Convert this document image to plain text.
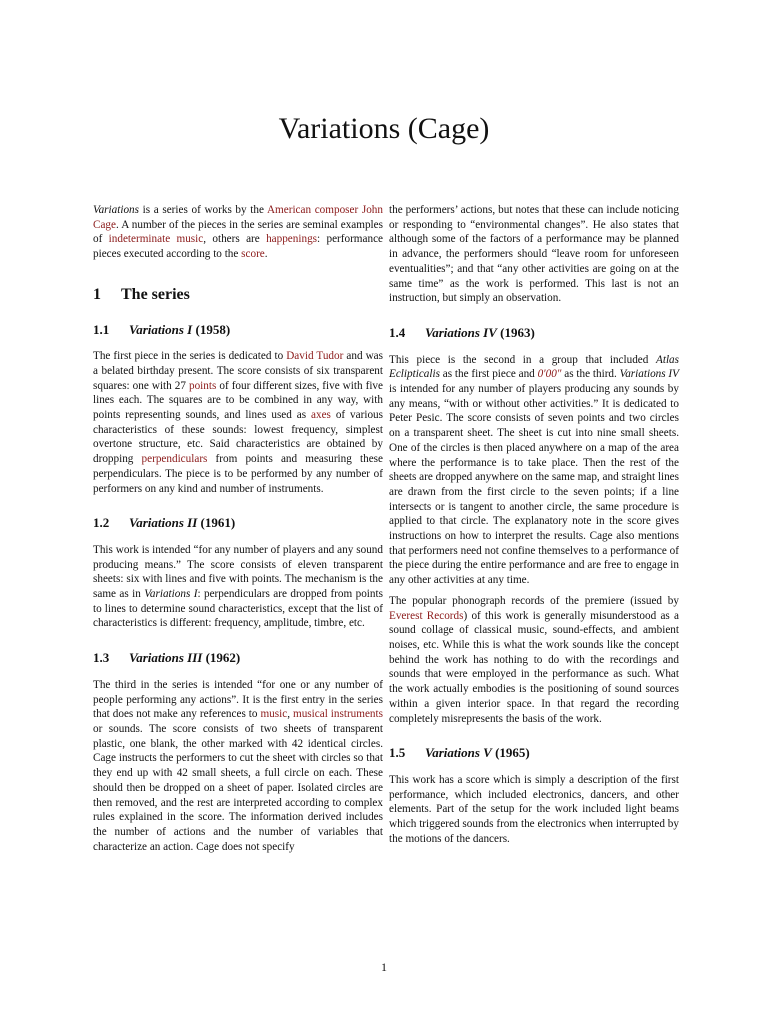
Variations (Cage)

Variations is a series of works by the American composer John Cage. A number of the pieces in the series are seminal examples of indeterminate music, others are happenings: performance pieces executed according to the score.

1 The series
1.1 Variations I (1958)

The first piece in the series is dedicated to David Tudor and was a belated birthday present. The score consists of six transparent squares: one with 27 points of four different sizes, five with five lines each. The squares are to be combined in any way, with points representing sounds, and lines used as axes of various characteristics of these sounds: lowest frequency, simplest overtone structure, etc. Said characteristics are obtained by dropping perpendiculars from points and measuring these perpendiculars. The piece is to be performed by any number of performers on any kind and number of instruments.

1.2 Variations II (1961)

This work is intended “for any number of players and any sound producing means.” The score consists of eleven transparent sheets: six with lines and five with points. The mechanism is the same as in Variations I: perpendiculars are dropped from points to lines to determine sound characteristics, except that the list of characteristics is different: frequency, amplitude, timbre, etc.

1.3 Variations III (1962)

The third in the series is intended “for one or any number of people performing any actions”. It is the first entry in the series that does not make any references to music, musical instruments or sounds. The score consists of two sheets of transparent plastic, one blank, the other marked with 42 identical circles. Cage instructs the performers to cut the sheet with circles so that they end up with 42 small sheets, a full circle on each. These should then be dropped on a sheet of paper. Isolated circles are then removed, and the rest are interpreted according to complex rules explained in the score. The information derived includes the number of actions and the number of variables that characterize an action. Cage does not specify

the performers’ actions, but notes that these can include noticing or responding to “environmental changes”. He also states that although some of the factors of a performance may be planned in advance, the performers should “leave room for unforeseen eventualities”; and that “any other activities are going on at the same time” as the work is performed. This last is not an instruction, but simply an observation.

1.4 Variations IV (1963)

This piece is the second in a group that included Atlas Eclipticalis as the first piece and 0′00″ as the third. Variations IV is intended for any number of players producing any sounds by any means, “with or without other activities.” It is dedicated to Peter Pesic. The score consists of seven points and two circles on a transparent sheet. The sheet is cut into nine small sheets. One of the circles is then placed anywhere on a map of the area where the performance is to take place. Then the rest of the sheets are dropped anywhere on the same map, and straight lines are drawn from the first circle to the seven points; if a line intersects or is tangent to another circle, the same procedure is applied to that circle. The explanatory note in the score gives instructions on how to interpret the results. Cage also mentions that performers need not confine themselves to a performance of the piece during the entire performance and are free to engage in any other activities at any time.

The popular phonograph records of the premiere (issued by Everest Records) of this work is generally misunderstood as a sound collage of classical music, sound-effects, and ambient noises, etc. While this is what the work sounds like the concept behind the work has nothing to do with the recordings and sounds that were employed in the performance as such. What the work actually embodies is the positioning of sound sources within a given interior space. In that regard the recording completely misrepresents the basis of the work.

1.5 Variations V (1965)

This work has a score which is simply a description of the first performance, which included electronics, dancers, and other elements. Part of the setup for the work included light beams which triggered sounds from the electronics when interrupted by the motions of the dancers.

1
